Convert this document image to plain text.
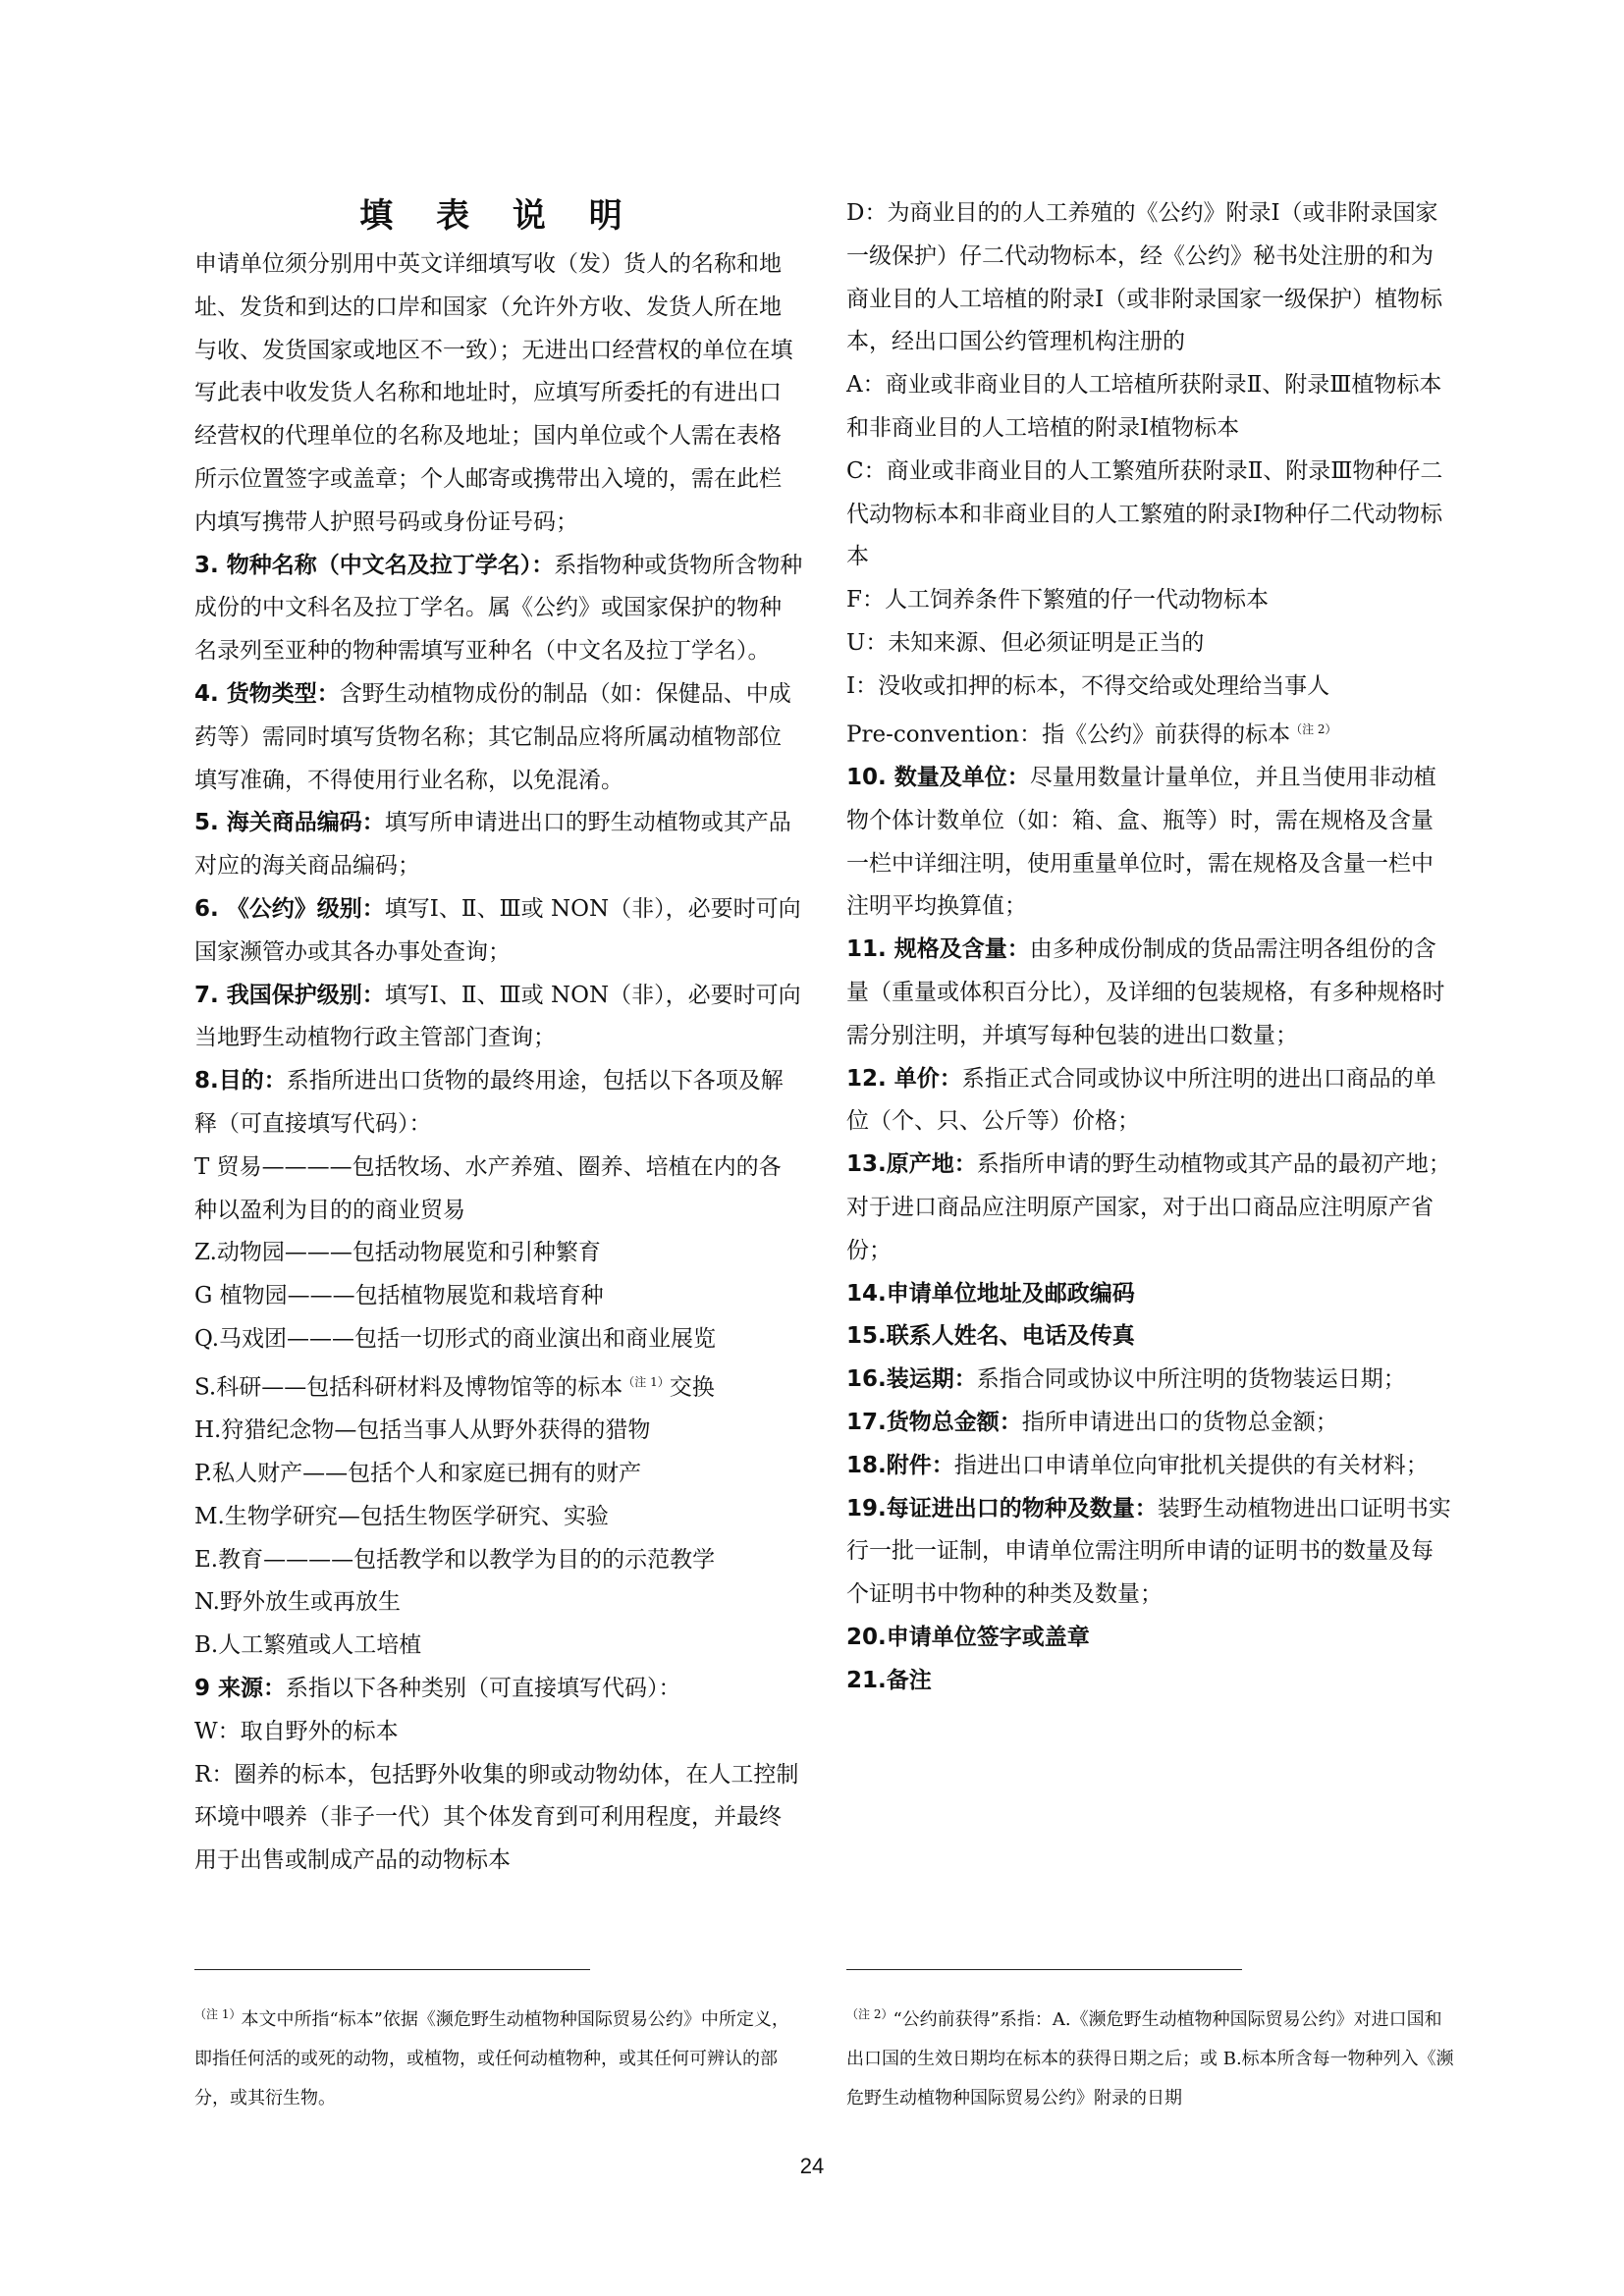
填 表 说 明

申请单位须分别用中英文详细填写收（发）货人的名称和地址、发货和到达的口岸和国家（允许外方收、发货人所在地与收、发货国家或地区不一致）；无进出口经营权的单位在填写此表中收发货人名称和地址时，应填写所委托的有进出口经营权的代理单位的名称及地址；国内单位或个人需在表格所示位置签字或盖章；个人邮寄或携带出入境的，需在此栏内填写携带人护照号码或身份证号码；

3. 物种名称（中文名及拉丁学名）：系指物种或货物所含物种成份的中文科名及拉丁学名。属《公约》或国家保护的物种名录列至亚种的物种需填写亚种名（中文名及拉丁学名）。

4. 货物类型：含野生动植物成份的制品（如：保健品、中成药等）需同时填写货物名称；其它制品应将所属动植物部位填写准确，不得使用行业名称，以免混淆。

5. 海关商品编码：填写所申请进出口的野生动植物或其产品对应的海关商品编码；

6. 《公约》级别：填写Ⅰ、Ⅱ、Ⅲ或 NON（非），必要时可向国家濒管办或其各办事处查询；

7. 我国保护级别：填写Ⅰ、Ⅱ、Ⅲ或 NON（非），必要时可向当地野生动植物行政主管部门查询；

8.目的：系指所进出口货物的最终用途，包括以下各项及解释（可直接填写代码）：

T 贸易————包括牧场、水产养殖、圈养、培植在内的各种以盈利为目的的商业贸易

Z.动物园———包括动物展览和引种繁育

G 植物园———包括植物展览和栽培育种

Q.马戏团———包括一切形式的商业演出和商业展览

S.科研——包括科研材料及博物馆等的标本$^{(注 1)}$交换

H.狩猎纪念物—包括当事人从野外获得的猎物

P.私人财产——包括个人和家庭已拥有的财产

M.生物学研究—包括生物医学研究、实验

E.教育————包括教学和以教学为目的的示范教学

N.野外放生或再放生

B.人工繁殖或人工培植

9 来源：系指以下各种类别（可直接填写代码）：

W：取自野外的标本

R：圈养的标本，包括野外收集的卵或动物幼体，在人工控制环境中喂养（非子一代）其个体发育到可利用程度，并最终用于出售或制成产品的动物标本

D：为商业目的的人工养殖的《公约》附录Ⅰ（或非附录国家一级保护）仔二代动物标本，经《公约》秘书处注册的和为商业目的人工培植的附录Ⅰ（或非附录国家一级保护）植物标本，经出口国公约管理机构注册的

A：商业或非商业目的人工培植所获附录Ⅱ、附录Ⅲ植物标本和非商业目的人工培植的附录Ⅰ植物标本

C：商业或非商业目的人工繁殖所获附录Ⅱ、附录Ⅲ物种仔二代动物标本和非商业目的人工繁殖的附录Ⅰ物种仔二代动物标本

F：人工饲养条件下繁殖的仔一代动物标本

U：未知来源、但必须证明是正当的

I：没收或扣押的标本，不得交给或处理给当事人

Pre-convention：指《公约》前获得的标本$^{(注 2)}$

10. 数量及单位：尽量用数量计量单位，并且当使用非动植物个体计数单位（如：箱、盒、瓶等）时，需在规格及含量一栏中详细注明，使用重量单位时，需在规格及含量一栏中注明平均换算值；

11. 规格及含量：由多种成份制成的货品需注明各组份的含量（重量或体积百分比），及详细的包装规格，有多种规格时需分别注明，并填写每种包装的进出口数量；

12. 单价：系指正式合同或协议中所注明的进出口商品的单位（个、只、公斤等）价格；

13.原产地：系指所申请的野生动植物或其产品的最初产地；对于进口商品应注明原产国家，对于出口商品应注明原产省份；

14.申请单位地址及邮政编码

15.联系人姓名、电话及传真

16.装运期：系指合同或协议中所注明的货物装运日期；

17.货物总金额：指所申请进出口的货物总金额；

18.附件：指进出口申请单位向审批机关提供的有关材料；

19.每证进出口的物种及数量：装野生动植物进出口证明书实行一批一证制，申请单位需注明所申请的证明书的数量及每个证明书中物种的种类及数量；

20.申请单位签字或盖章

21.备注

$^{(注 1)}$本文中所指“标本”依据《濒危野生动植物种国际贸易公约》中所定义，即指任何活的或死的动物，或植物，或任何动植物种，或其任何可辨认的部分，或其衍生物。
$^{(注 2)}$“公约前获得”系指：A.《濒危野生动植物种国际贸易公约》对进口国和出口国的生效日期均在标本的获得日期之后；或 B.标本所含每一物种列入《濒危野生动植物种国际贸易公约》附录的日期
24
